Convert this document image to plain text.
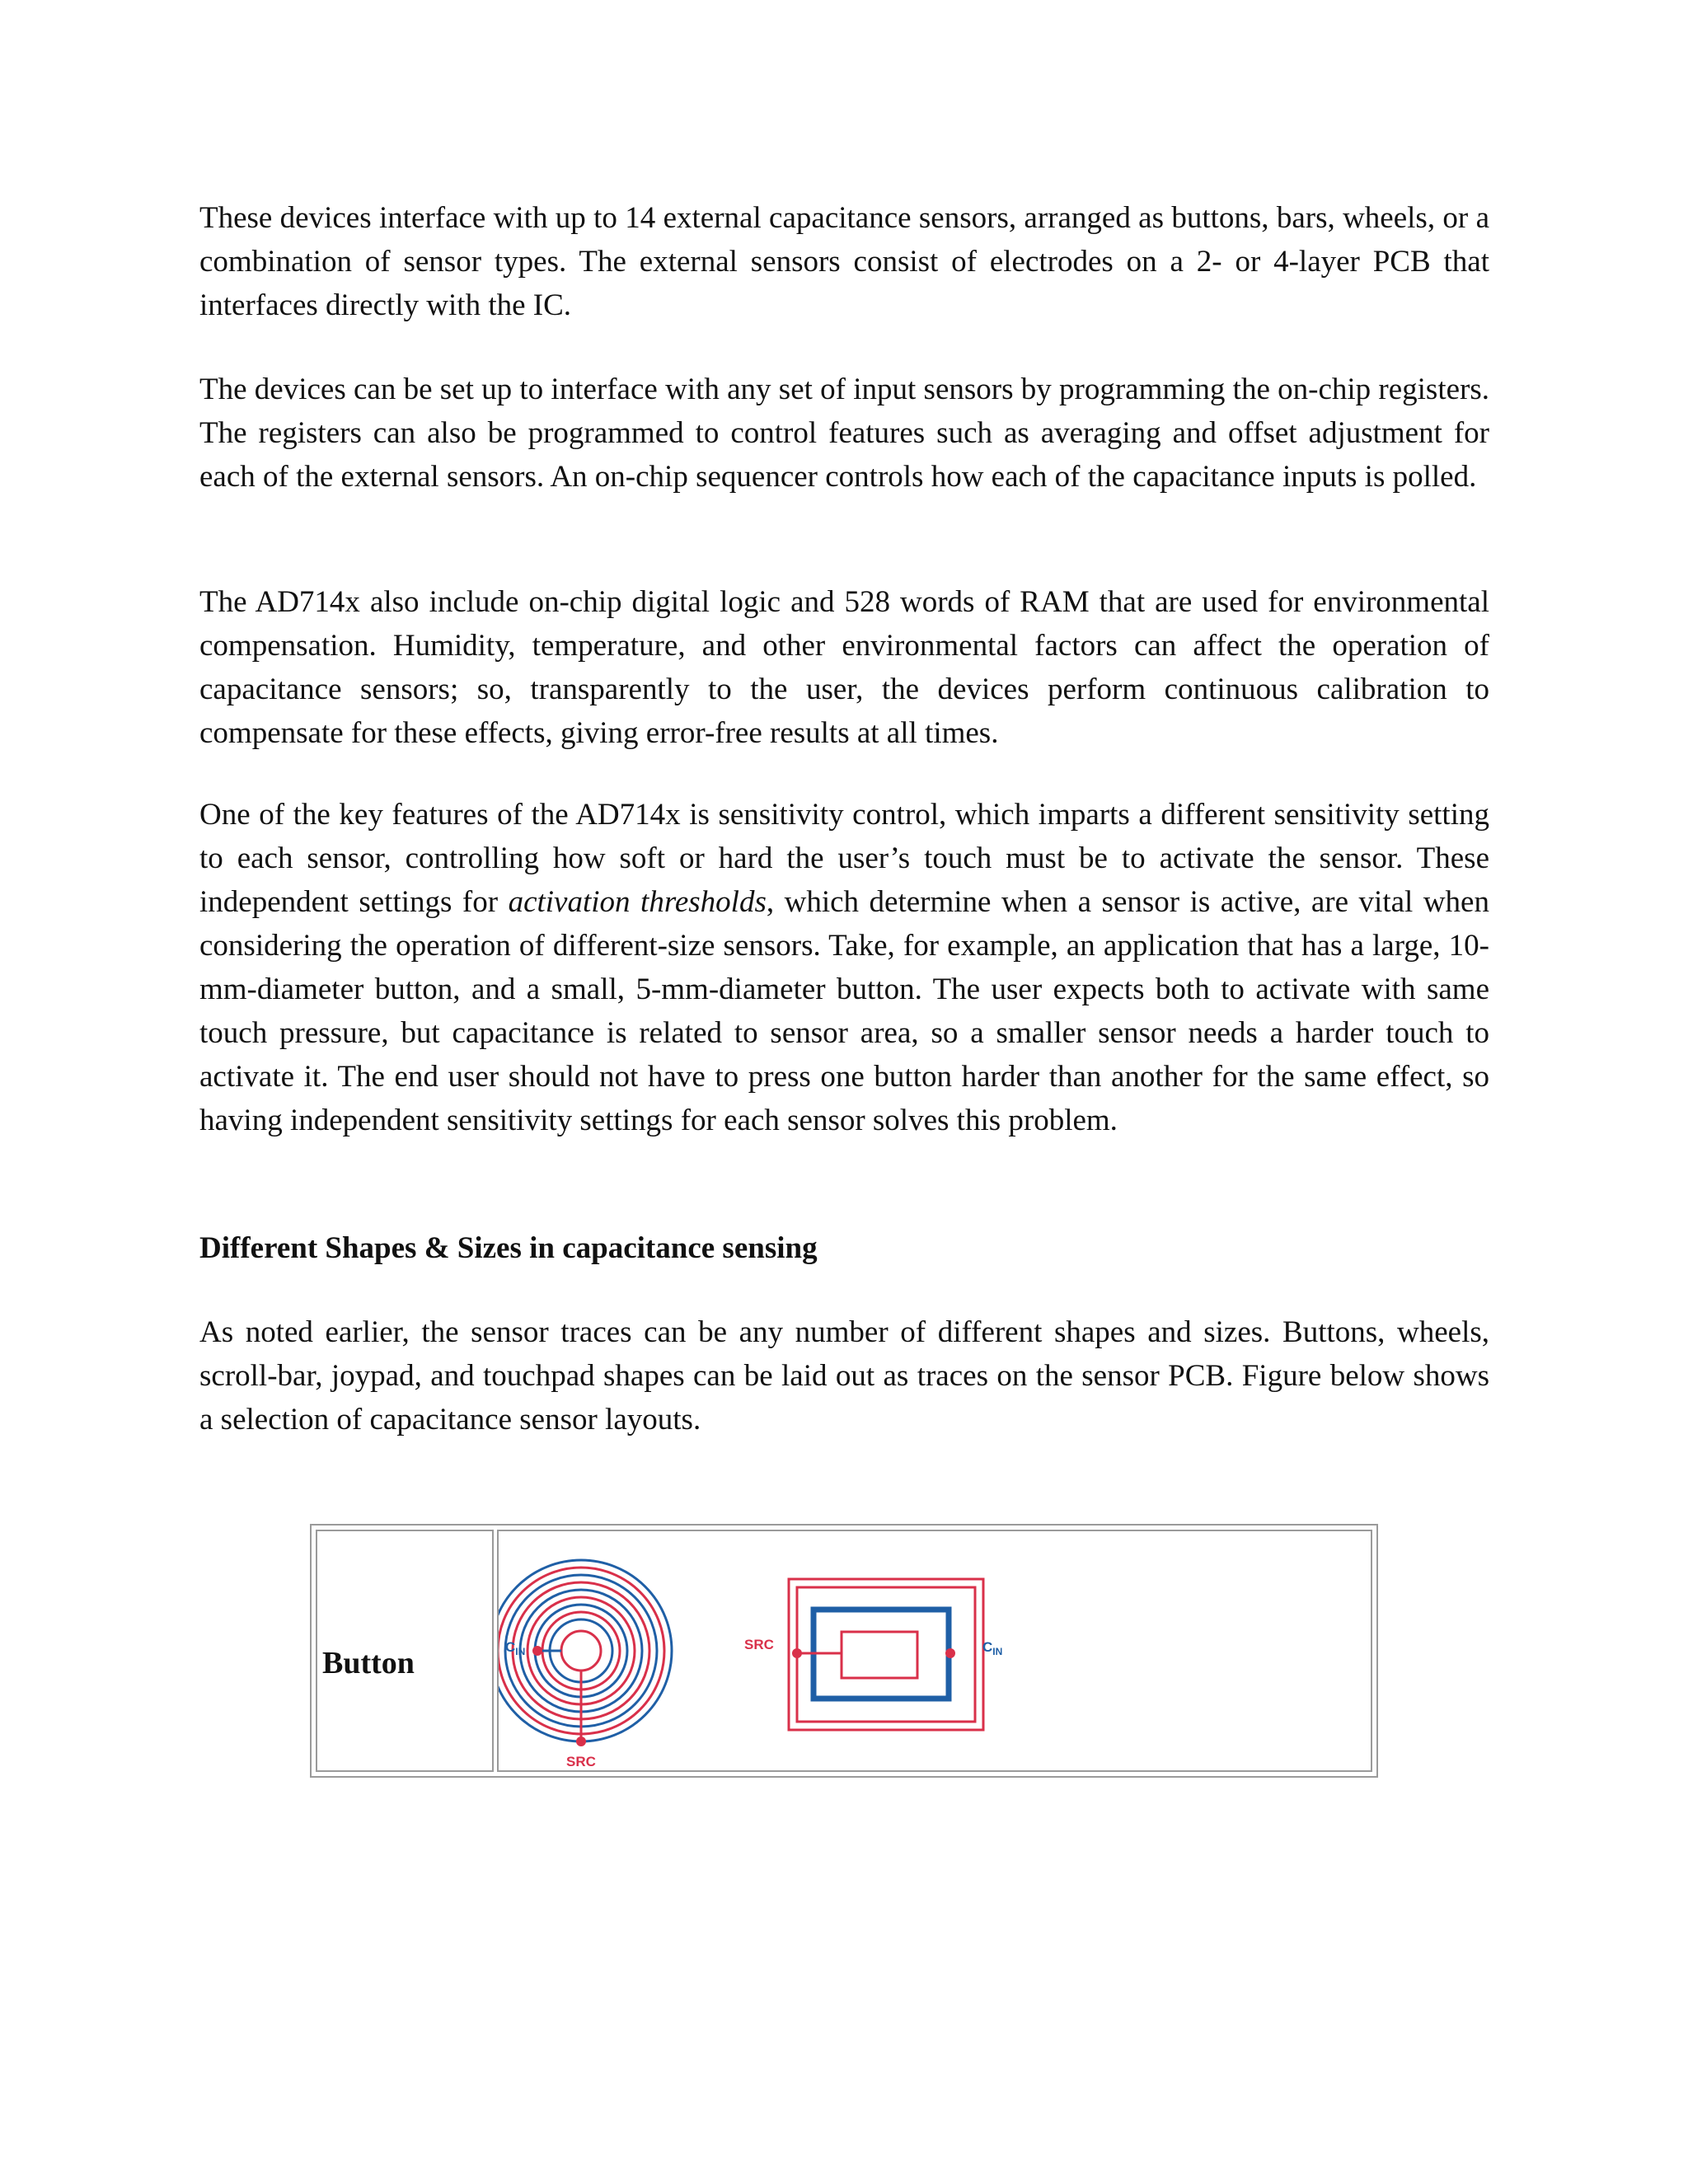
These devices interface with up to 14 external capacitance sensors, arranged as buttons, bars, wheels, or a combination of sensor types. The external sensors consist of electrodes on a 2- or 4-layer PCB that interfaces directly with the IC.
The devices can be set up to interface with any set of input sensors by programming the on-chip registers. The registers can also be programmed to control features such as averaging and offset adjustment for each of the external sensors. An on-chip sequencer controls how each of the capacitance inputs is polled.
The AD714x also include on-chip digital logic and 528 words of RAM that are used for environmental compensation. Humidity, temperature, and other environmental factors can affect the operation of capacitance sensors; so, transparently to the user, the devices perform continuous calibration to compensate for these effects, giving error-free results at all times.
One of the key features of the AD714x is sensitivity control, which imparts a different sensitivity setting to each sensor, controlling how soft or hard the user’s touch must be to activate the sensor. These independent settings for activation thresholds, which determine when a sensor is active, are vital when considering the operation of different-size sensors. Take, for example, an application that has a large, 10-mm-diameter button, and a small, 5-mm-diameter button. The user expects both to activate with same touch pressure, but capacitance is related to sensor area, so a smaller sensor needs a harder touch to activate it. The end user should not have to press one button harder than another for the same effect, so having independent sensitivity settings for each sensor solves this problem.
Different Shapes & Sizes in capacitance sensing
As noted earlier, the sensor traces can be any number of different shapes and sizes. Buttons, wheels, scroll-bar, joypad, and touchpad shapes can be laid out as traces on the sensor PCB. Figure below shows a selection of capacitance sensor layouts.
Button	$C_{IN}$
SRC
SRC	$C_{IN}$
